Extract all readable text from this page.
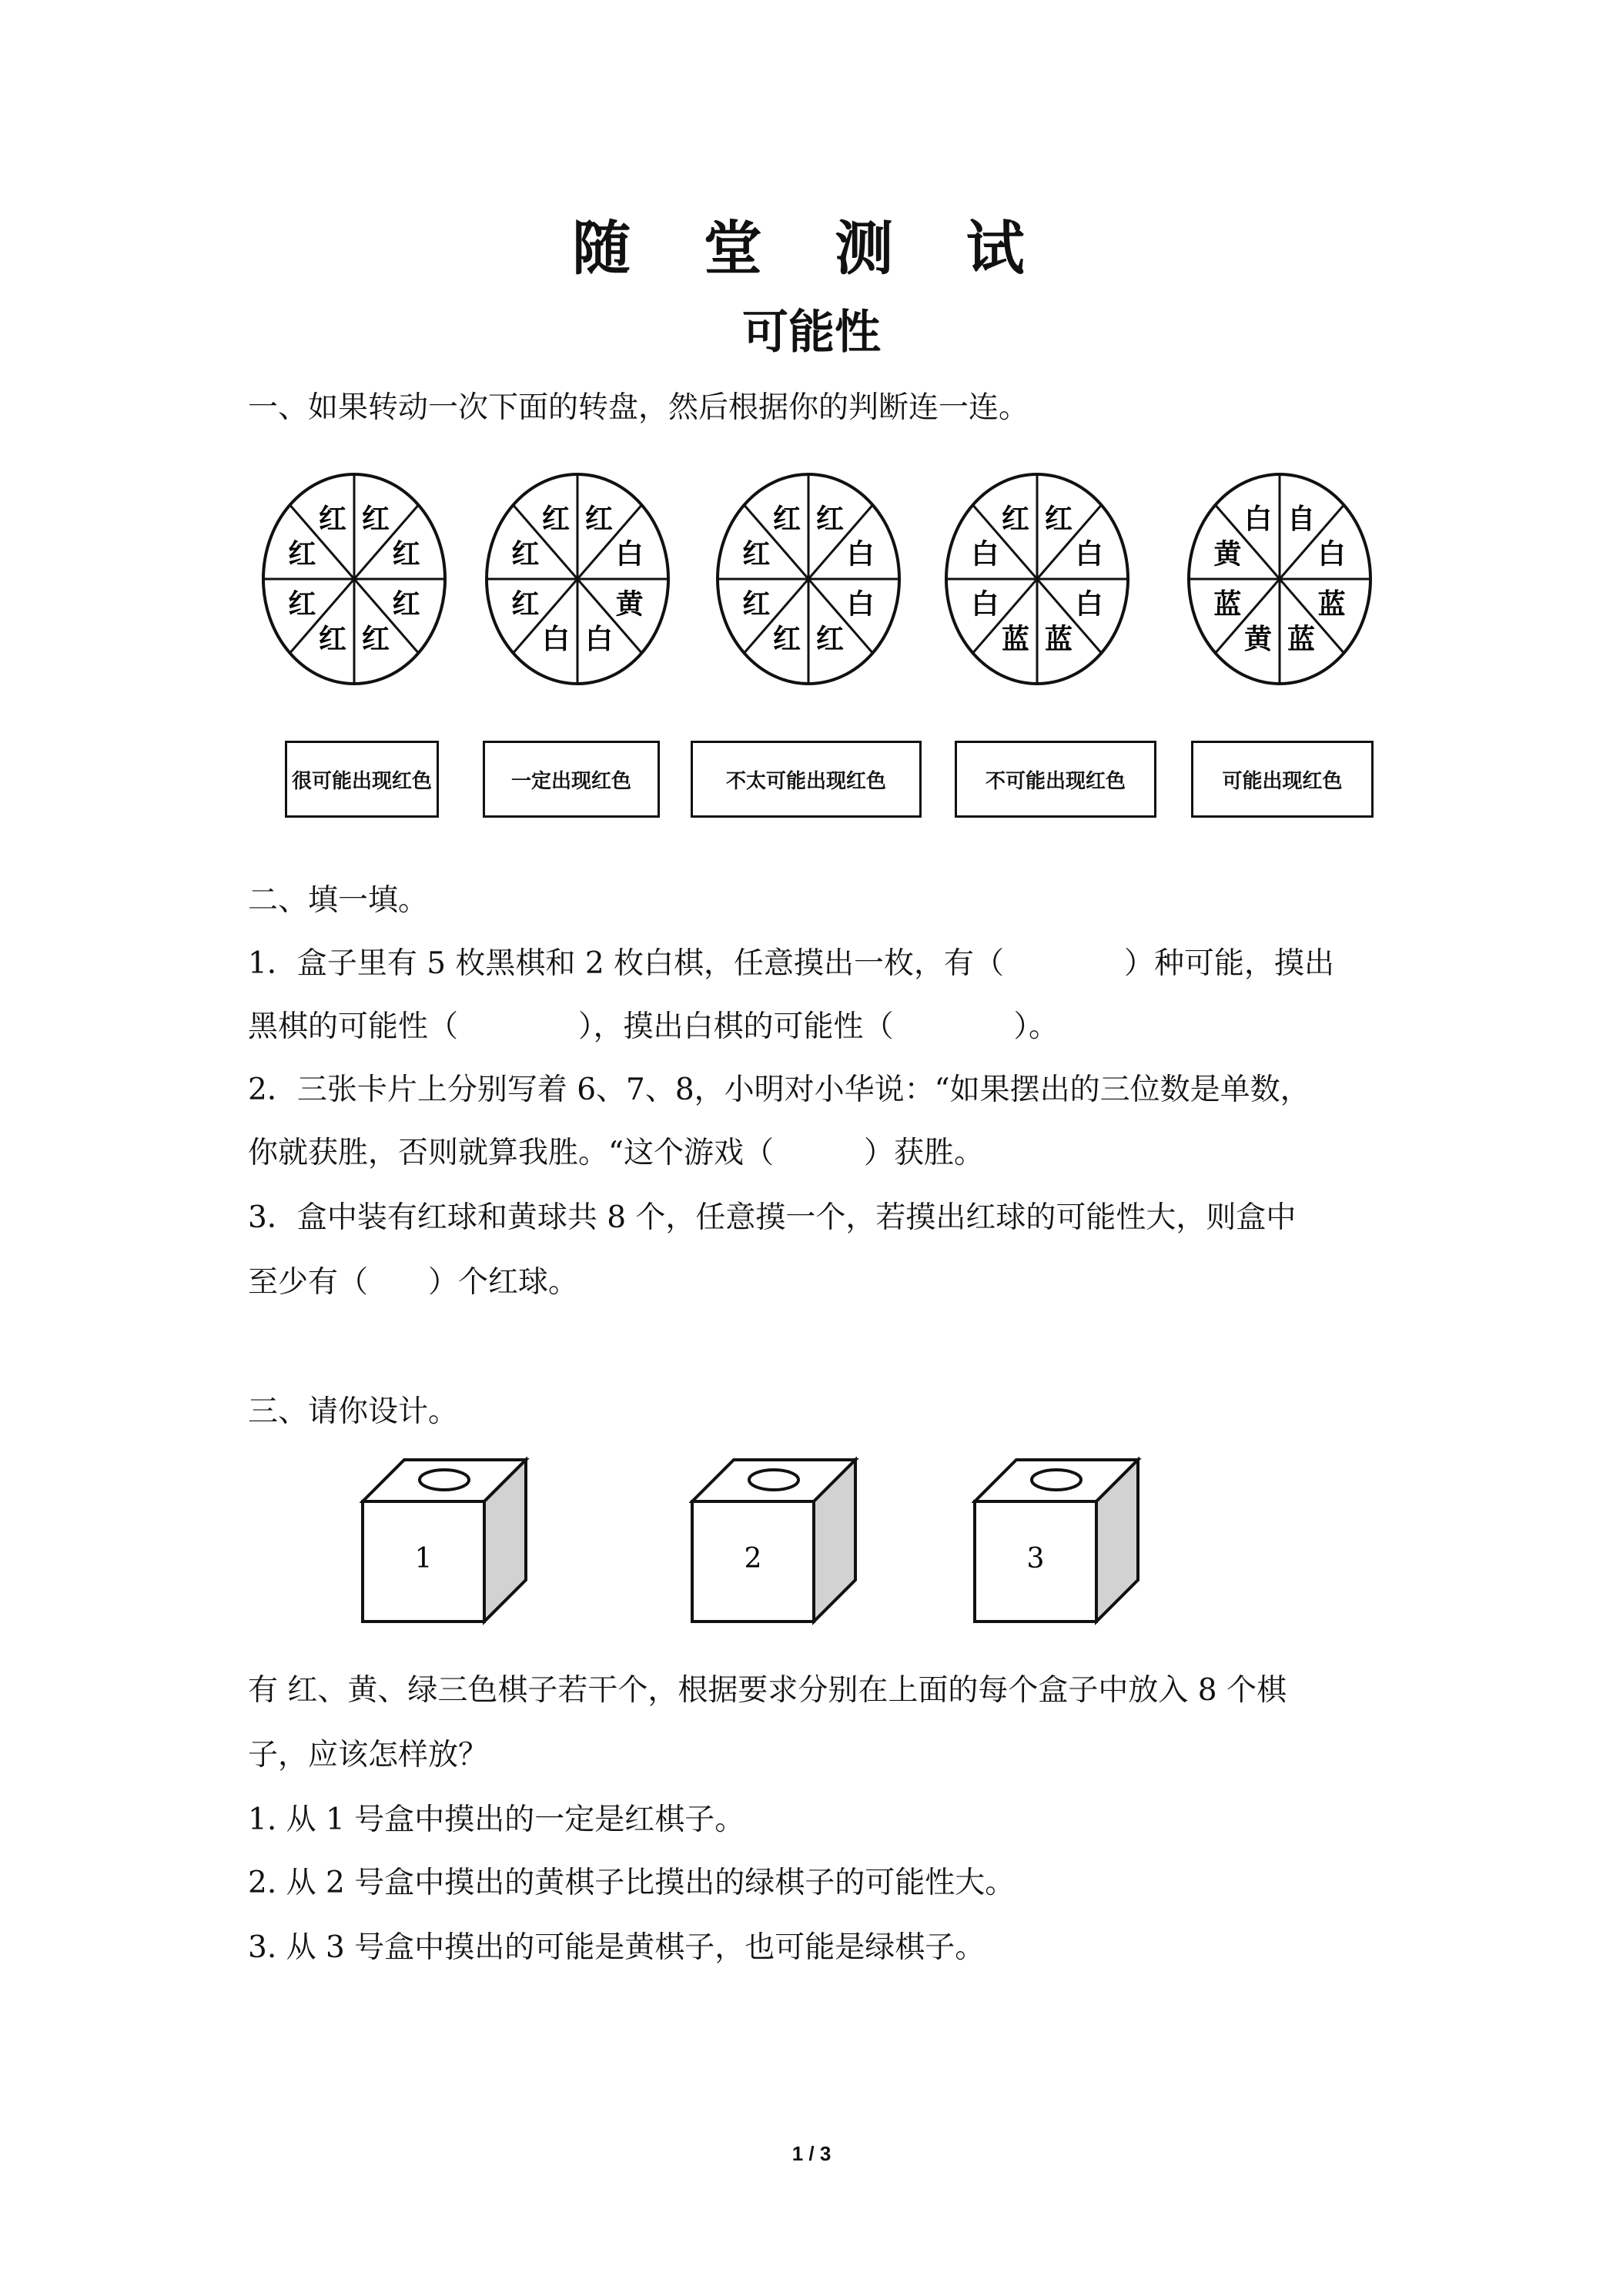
随 堂 测 试
可能性
一、如果转动一次下面的转盘，然后根据你的判断连一连。
红
红
红
红
红
红
红
红	红
白
黄
白
白
红
红
红	红
白
白
红
红
红
红
红	红
白
白
蓝
蓝
白
白
红	自
白
蓝
蓝
黄
蓝
黄
白
很可能出现红色	一定出现红色	不太可能出现红色	不可能出现红色	可能出现红色
二、填一填。
1．盒子里有 5 枚黑棋和 2 枚白棋，任意摸出一枚，有（　　　　）种可能，摸出
黑棋的可能性（　　　　），摸出白棋的可能性（　　　　）。
2．三张卡片上分别写着 6、7、8，小明对小华说：“如果摆出的三位数是单数，
你就获胜，否则就算我胜。“这个游戏（　　　）获胜。
3．盒中装有红球和黄球共 8 个，任意摸一个，若摸出红球的可能性大，则盒中
至少有（　　）个红球。
三、请你设计。
1	2	3
有 红、黄、绿三色棋子若干个，根据要求分别在上面的每个盒子中放入 8 个棋
子，应该怎样放？
1. 从 1 号盒中摸出的一定是红棋子。
2. 从 2 号盒中摸出的黄棋子比摸出的绿棋子的可能性大。
3. 从 3 号盒中摸出的可能是黄棋子，也可能是绿棋子。
1 / 3
